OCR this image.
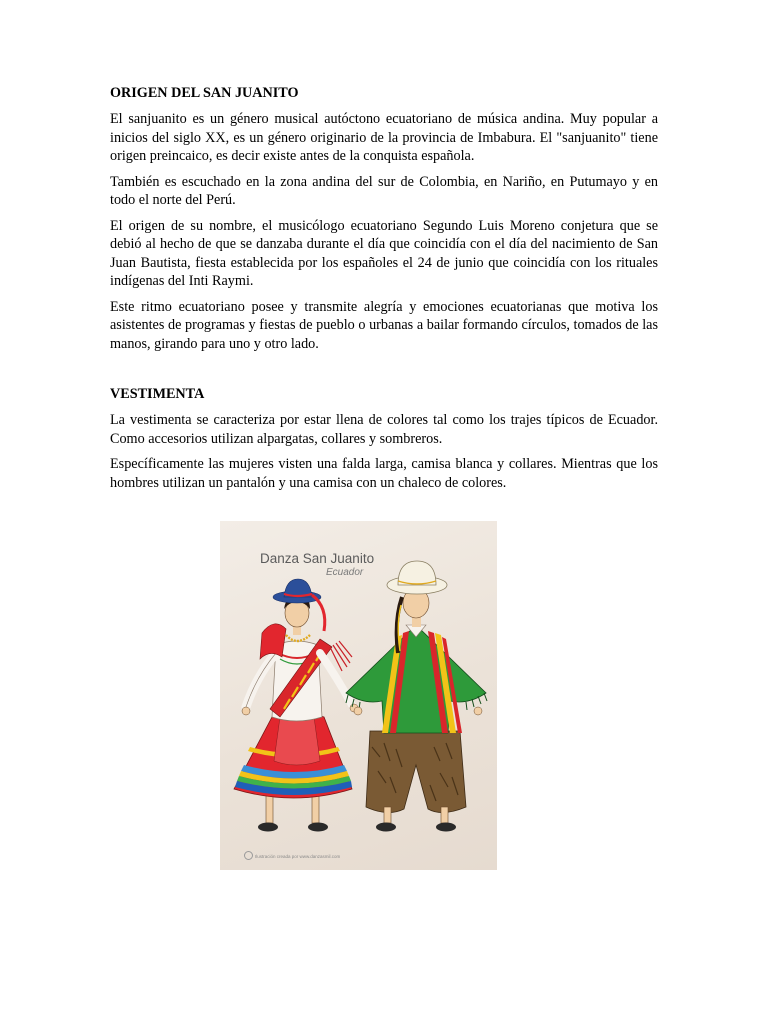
ORIGEN DEL SAN JUANITO

El sanjuanito es un género musical autóctono ecuatoriano de música andina. Muy popular a inicios del siglo XX, es un género originario de la provincia de Imbabura. El "sanjuanito" tiene origen preincaico, es decir existe antes de la conquista española.

También es escuchado en la zona andina del sur de Colombia, en Nariño, en Putumayo y en todo el norte del Perú.

El origen de su nombre, el musicólogo ecuatoriano Segundo Luis Moreno conjetura que se debió al hecho de que se danzaba durante el día que coincidía con el día del nacimiento de San Juan Bautista, fiesta establecida por los españoles el 24 de junio que coincidía con los rituales indígenas del Inti Raymi.

Este ritmo ecuatoriano posee y transmite alegría y emociones ecuatorianas que motiva los asistentes de programas y fiestas de pueblo o urbanas a bailar formando círculos, tomados de las manos, girando para uno y otro lado.

VESTIMENTA

La vestimenta se caracteriza por estar llena de colores tal como los trajes típicos de Ecuador. Como accesorios utilizan alpargatas, collares y sombreros.

Específicamente las mujeres visten una falda larga, camisa blanca y collares. Mientras que los hombres utilizan un pantalón y una camisa con un chaleco de colores.

Danza San Juanito
Ecuador
Ilustración creada por www.danzasmil.com
